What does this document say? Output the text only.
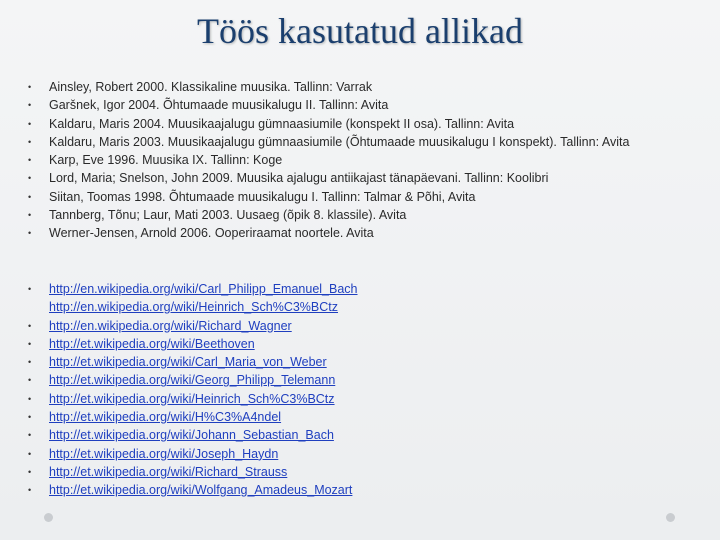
Töös kasutatud allikad
• Ainsley, Robert 2000. Klassikaline muusika. Tallinn: Varrak
• Garšnek, Igor 2004. Õhtumaade muusikalugu II. Tallinn: Avita
• Kaldaru, Maris 2004. Muusikaajalugu gümnaasiumile (konspekt II osa). Tallinn: Avita
• Kaldaru, Maris 2003. Muusikaajalugu gümnaasiumile (Õhtumaade muusikalugu I konspekt). Tallinn: Avita
• Karp, Eve 1996. Muusika IX. Tallinn: Koge
• Lord, Maria; Snelson, John 2009. Muusika ajalugu antiikajast tänapäevani. Tallinn: Koolibri
• Siitan, Toomas 1998. Õhtumaade muusikalugu I. Tallinn: Talmar & Põhi, Avita
• Tannberg, Tõnu; Laur, Mati 2003. Uusaeg (õpik 8. klassile). Avita
• Werner-Jensen, Arnold 2006. Ooperiraamat noortele. Avita
• http://en.wikipedia.org/wiki/Carl_Philipp_Emanuel_Bach
http://en.wikipedia.org/wiki/Heinrich_Sch%C3%BCtz
• http://en.wikipedia.org/wiki/Richard_Wagner
• http://et.wikipedia.org/wiki/Beethoven
• http://et.wikipedia.org/wiki/Carl_Maria_von_Weber
• http://et.wikipedia.org/wiki/Georg_Philipp_Telemann
• http://et.wikipedia.org/wiki/Heinrich_Sch%C3%BCtz
• http://et.wikipedia.org/wiki/H%C3%A4ndel
• http://et.wikipedia.org/wiki/Johann_Sebastian_Bach
• http://et.wikipedia.org/wiki/Joseph_Haydn
• http://et.wikipedia.org/wiki/Richard_Strauss
• http://et.wikipedia.org/wiki/Wolfgang_Amadeus_Mozart
